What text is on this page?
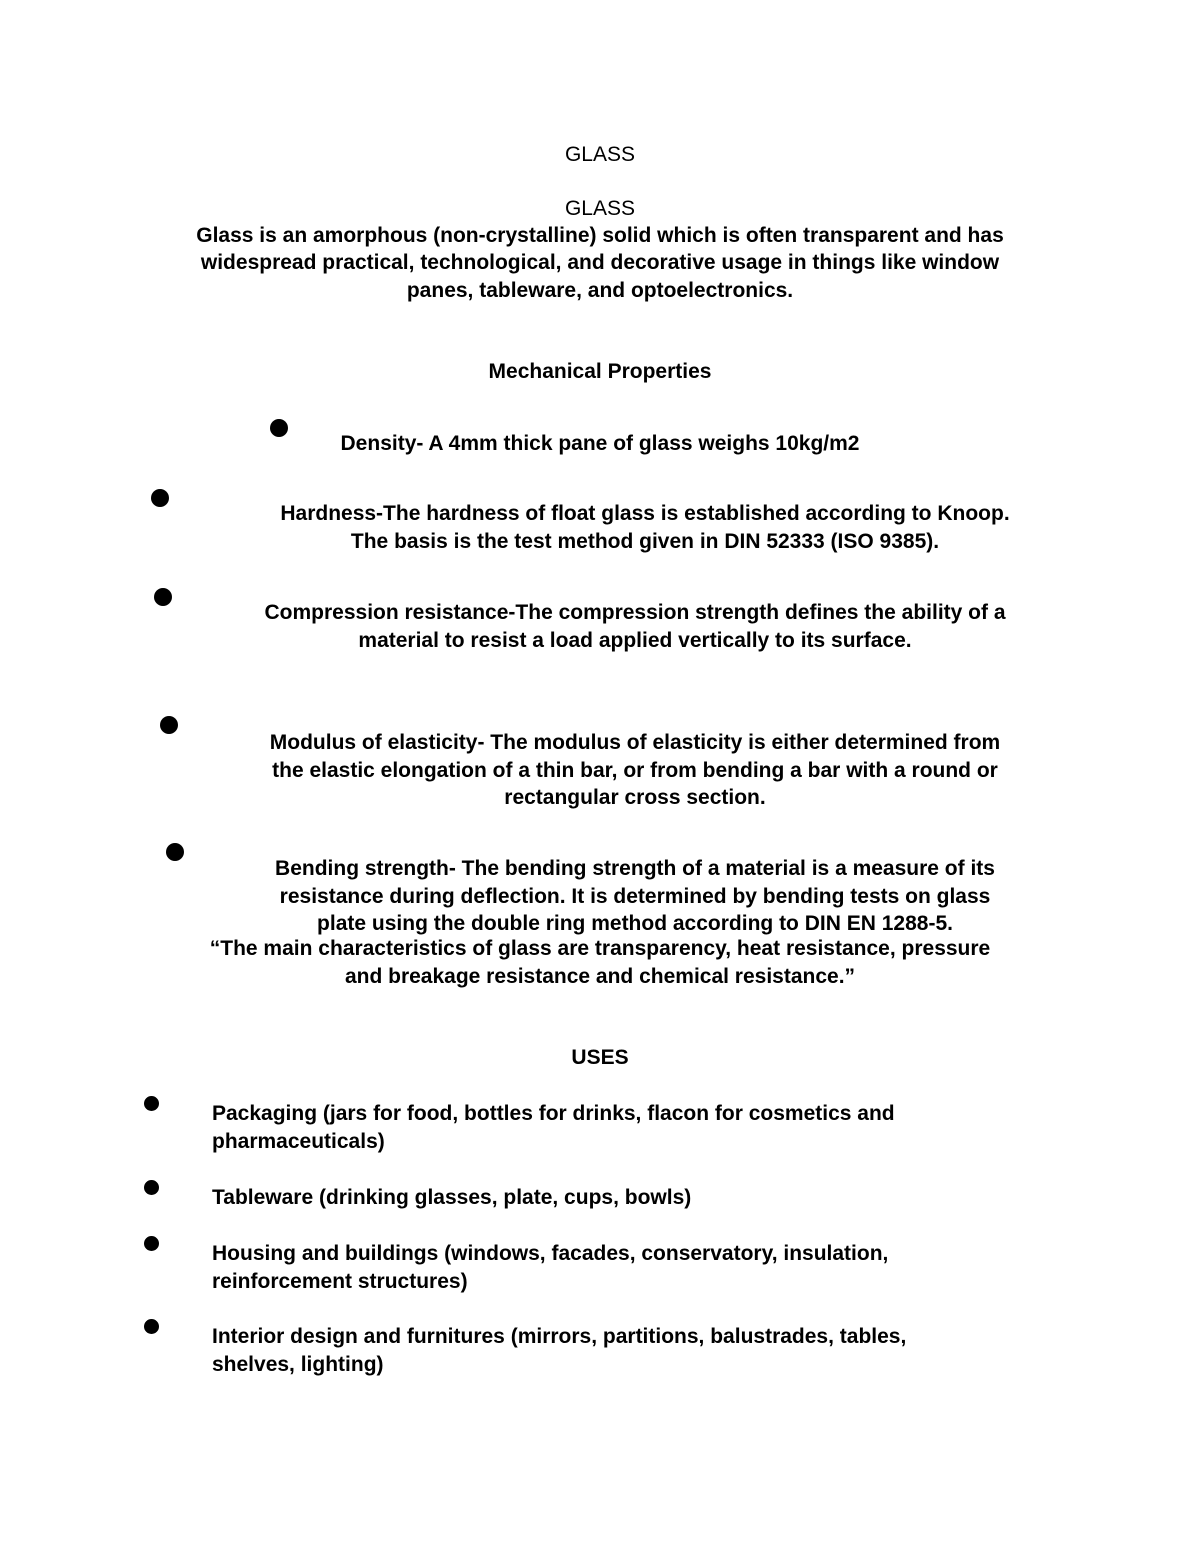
GLASS
GLASS
Glass is an amorphous (non-crystalline) solid which is often transparent and has
widespread practical, technological, and decorative usage in things like window
panes, tableware, and optoelectronics.
Mechanical Properties
Density- A 4mm thick pane of glass weighs 10kg/m2
Hardness-The hardness of float glass is established according to Knoop.
The basis is the test method given in DIN 52333 (ISO 9385).
Compression resistance-The compression strength defines the ability of a
material to resist a load applied vertically to its surface.
Modulus of elasticity- The modulus of elasticity is either determined from
the elastic elongation of a thin bar, or from bending a bar with a round or
rectangular cross section.
Bending strength- The bending strength of a material is a measure of its
resistance during deflection. It is determined by bending tests on glass
plate using the double ring method according to DIN EN 1288-5.
“The main characteristics of glass are transparency, heat resistance, pressure
and breakage resistance and chemical resistance.”
USES
Packaging (jars for food, bottles for drinks, flacon for cosmetics and
pharmaceuticals)
Tableware (drinking glasses, plate, cups, bowls)
Housing and buildings (windows, facades, conservatory, insulation,
reinforcement structures)
Interior design and furnitures (mirrors, partitions, balustrades, tables,
shelves, lighting)
